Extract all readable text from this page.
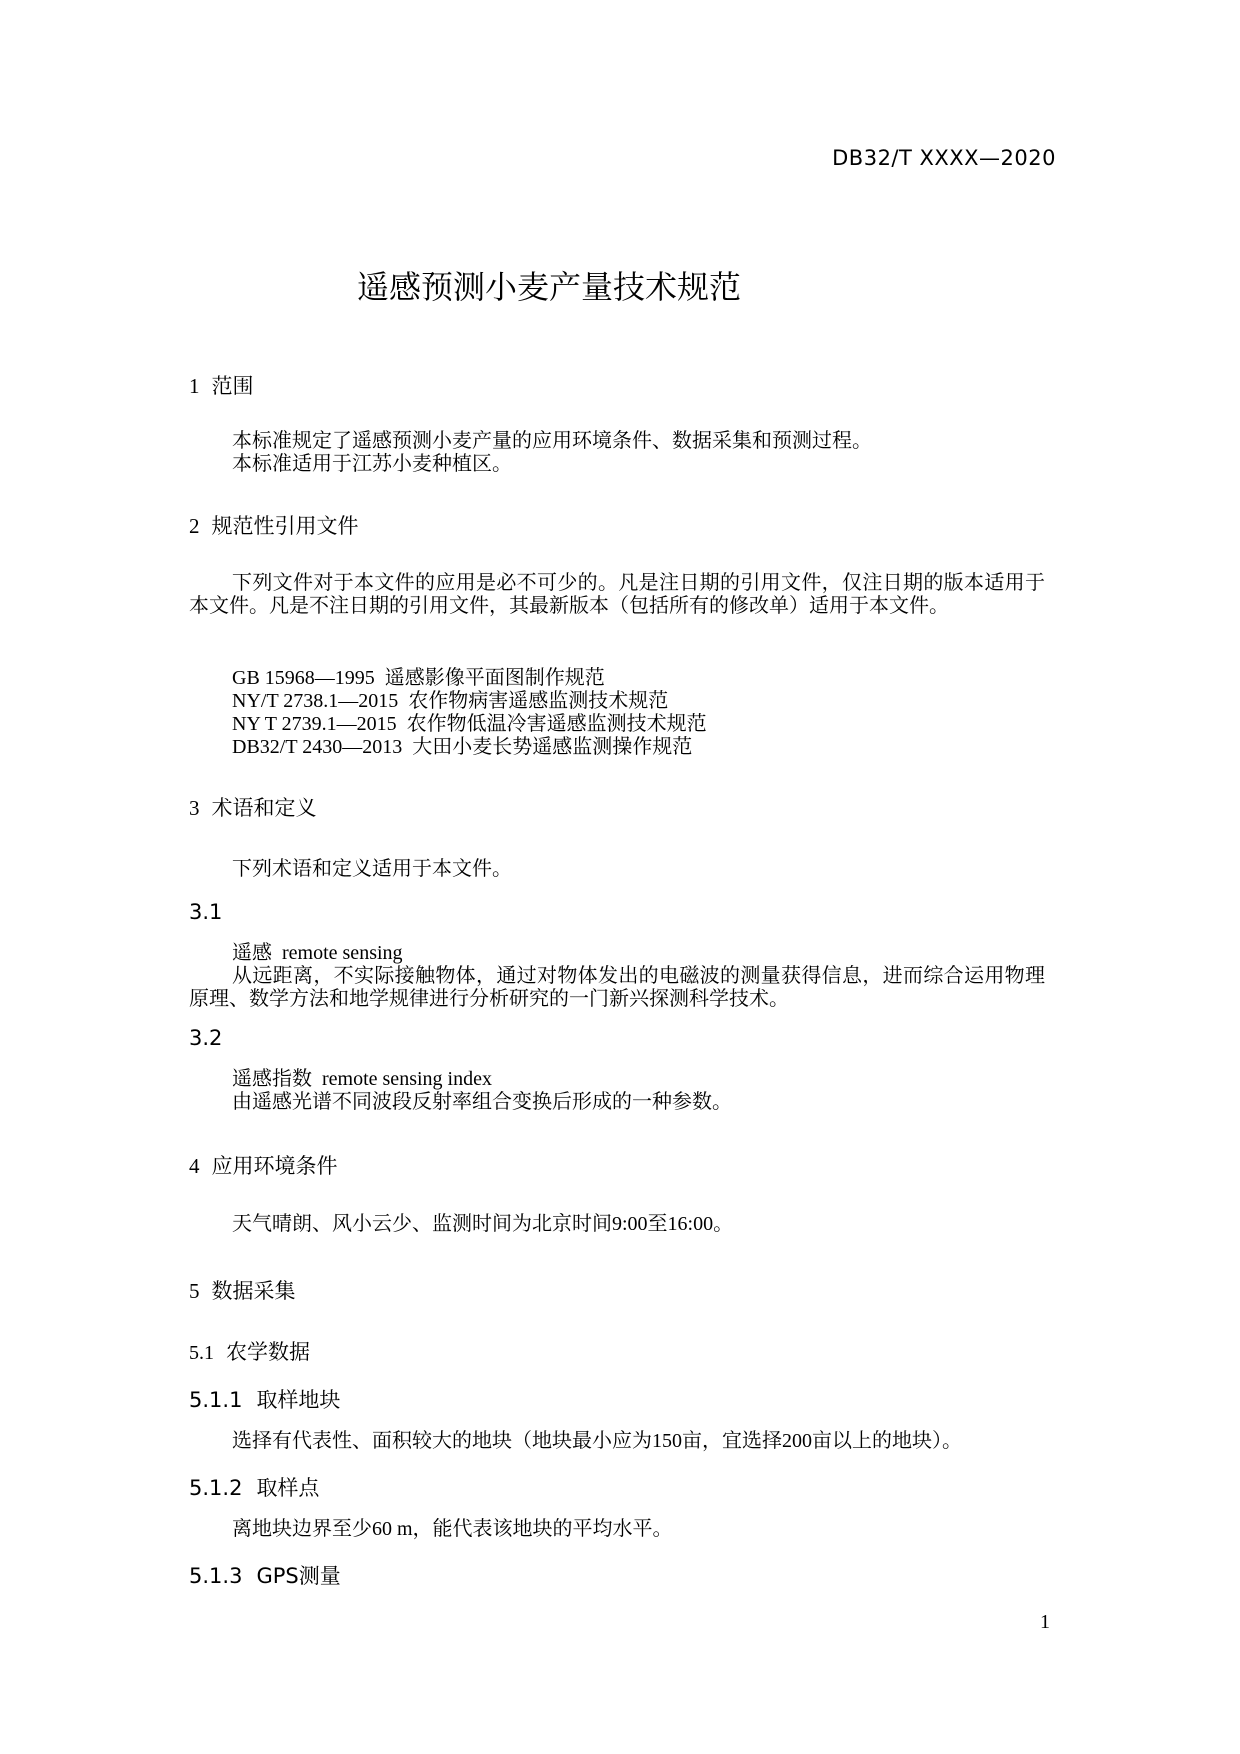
DB32/T XXXX—2020
遥感预测小麦产量技术规范
1 范围

本标准规定了遥感预测小麦产量的应用环境条件、数据采集和预测过程。

本标准适用于江苏小麦种植区。

2 规范性引用文件

下列文件对于本文件的应用是必不可少的。凡是注日期的引用文件，仅注日期的版本适用于本文件。凡是不注日期的引用文件，其最新版本（包括所有的修改单）适用于本文件。

GB 15968—1995 遥感影像平面图制作规范
NY/T 2738.1—2015 农作物病害遥感监测技术规范
NY T 2739.1—2015 农作物低温冷害遥感监测技术规范
DB32/T 2430—2013 大田小麦长势遥感监测操作规范
3 术语和定义

下列术语和定义适用于本文件。

3.1
遥感 remote sensing

从远距离，不实际接触物体，通过对物体发出的电磁波的测量获得信息，进而综合运用物理原理、数学方法和地学规律进行分析研究的一门新兴探测科学技术。

3.2
遥感指数 remote sensing index

由遥感光谱不同波段反射率组合变换后形成的一种参数。

4 应用环境条件

天气晴朗、风小云少、监测时间为北京时间9:00至16:00。

5 数据采集
5.1 农学数据
5.1.1 取样地块

选择有代表性、面积较大的地块（地块最小应为150亩，宜选择200亩以上的地块）。

5.1.2 取样点

离地块边界至少60 m，能代表该地块的平均水平。

5.1.3 GPS测量
1
